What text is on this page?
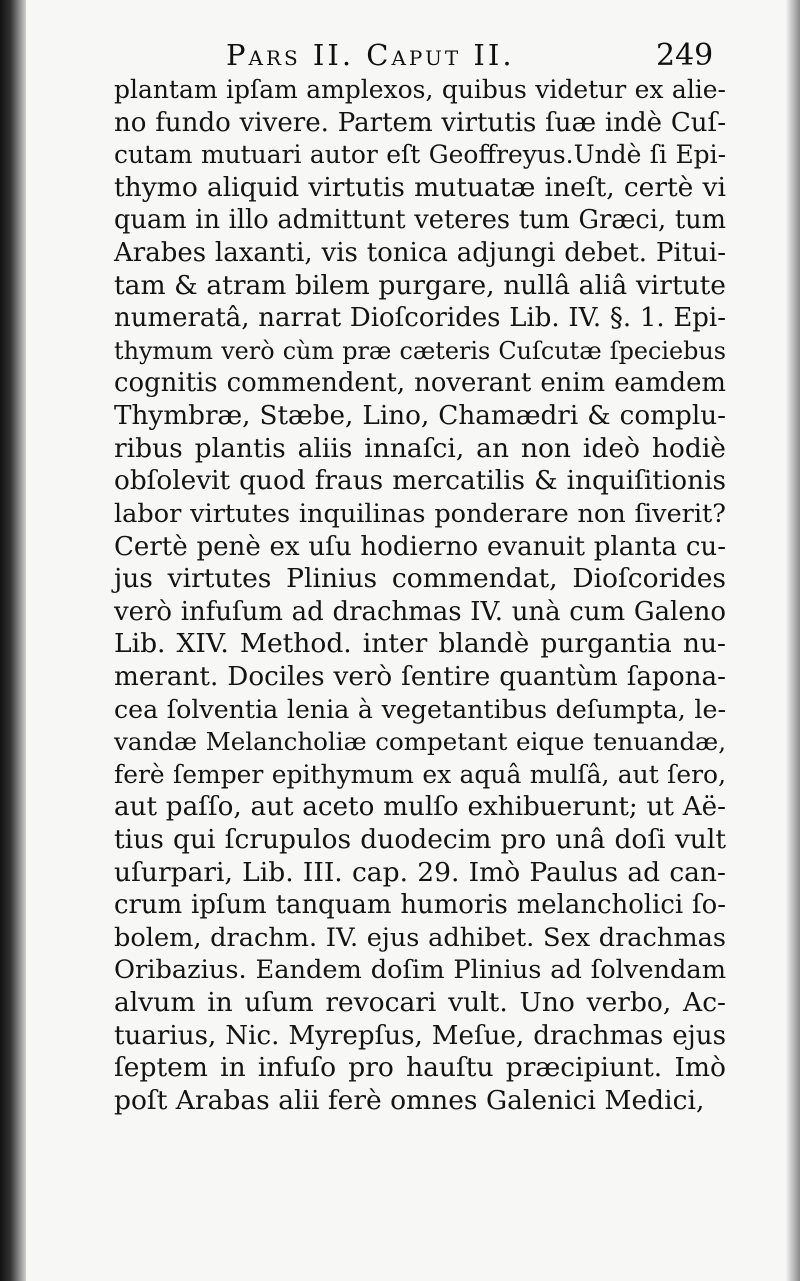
Pars II. Caput II.	249
plantam ipſam amplexos, quibus videtur ex alie-
no fundo vivere. Partem virtutis ſuæ indè Cuſ-
cutam mutuari autor eſt Geoffreyus.Undè ſi Epi-
thymo aliquid virtutis mutuatæ ineſt, certè vi
quam in illo admittunt veteres tum Græci, tum
Arabes laxanti, vis tonica adjungi debet. Pitui-
tam & atram bilem purgare, nullâ aliâ virtute
numeratâ, narrat Dioſcorides Lib. IV. §. 1. Epi-
thymum verò cùm præ cæteris Cuſcutæ ſpeciebus
cognitis commendent, noverant enim eamdem
Thymbræ, Stæbe, Lino, Chamædri & complu-
ribus plantis aliis innaſci, an non ideò hodiè
obſolevit quod fraus mercatilis & inquiſitionis
labor virtutes inquilinas ponderare non ſiverit?
Certè penè ex uſu hodierno evanuit planta cu-
jus virtutes Plinius commendat, Dioſcorides
verò infuſum ad drachmas IV. unà cum Galeno
Lib. XIV. Method. inter blandè purgantia nu-
merant. Dociles verò ſentire quantùm ſapona-
cea ſolventia lenia à vegetantibus deſumpta, le-
vandæ Melancholiæ competant eique tenuandæ,
ferè ſemper epithymum ex aquâ mulſâ, aut ſero,
aut paſſo, aut aceto mulſo exhibuerunt; ut Aë-
tius qui ſcrupulos duodecim pro unâ doſi vult
uſurpari, Lib. III. cap. 29. Imò Paulus ad can-
crum ipſum tanquam humoris melancholici ſo-
bolem, drachm. IV. ejus adhibet. Sex drachmas
Oribazius. Eandem doſim Plinius ad ſolvendam
alvum in uſum revocari vult. Uno verbo, Ac-
tuarius, Nic. Myrepſus, Meſue, drachmas ejus
ſeptem in infuſo pro hauſtu præcipiunt. Imò
poſt Arabas alii ferè omnes Galenici Medici,
